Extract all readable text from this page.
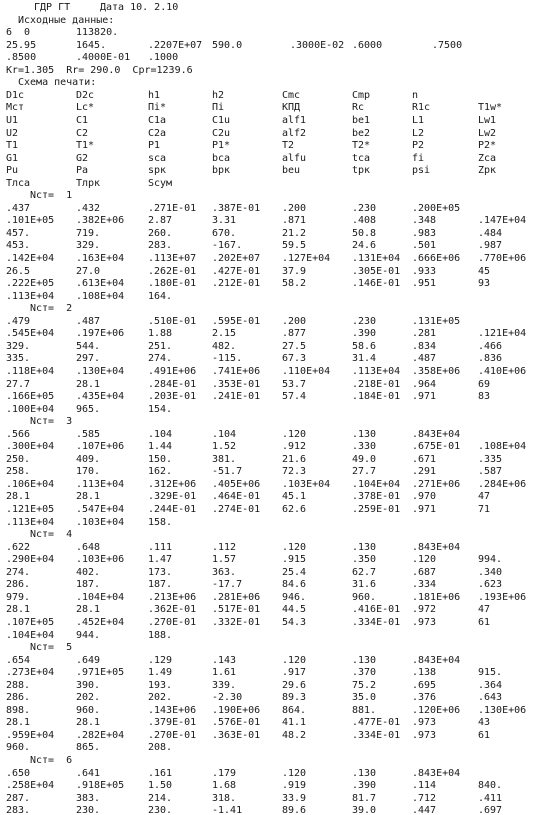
ГДР ГТ	Дата 10. 2.10
Исходные данные:
6  0	113820.
25.95	1645.	.2207E+07 590.0	.3000E-02 .6000	.7500
.8500	.4000E-01 .1000
Kr=1.305  Rr= 290.0  Cpr=1239.6
Схема печати:
D1c	D2c	h1	h2	Cmc	Cmp	n
Mст	Lc*	Пi*	Пi	КПД	Rc	R1c	T1w*
U1	C1	C1a	C1u	alf1	be1	L1	Lw1
U2	C2	C2a	C2u	alf2	be2	L2	Lw2
T1	T1*	P1	P1*	T2	T2*	P2	P2*
G1	G2	sca	bca	alfu	tca	fi	Zca
Pu	Pa	spк	bpк	beu	tpк	psi	Zpк
Tлса	Tлрк	Scум
Nст=  1
.437	.432	.271E-01 .387E-01 .200	.230	.200E+05
.101E+05 .382E+06 2.87	3.31	.871	.408	.348	.147E+04
457.	719.	260.	670.	21.2	50.8	.983	.484
453.	329.	283.	-167.	59.5	24.6	.501	.987
.142E+04 .163E+04 .113E+07 .202E+07 .127E+04 .131E+04 .666E+06 .770E+06
26.5	27.0	.262E-01 .427E-01 37.9	.305E-01 .933	45
.222E+05 .613E+04 .180E-01 .212E-01 58.2	.146E-01 .951	93
.113E+04 .108E+04 164.
Nст=  2
.479	.487	.510E-01 .595E-01 .200	.230	.131E+05
.545E+04 .197E+06 1.88	2.15	.877	.390	.281	.121E+04
329.	544.	251.	482.	27.5	58.6	.834	.466
335.	297.	274.	-115.	67.3	31.4	.487	.836
.118E+04 .130E+04 .491E+06 .741E+06 .110E+04 .113E+04 .358E+06 .410E+06
27.7	28.1	.284E-01 .353E-01 53.7	.218E-01 .964	69
.166E+05 .435E+04 .203E-01 .241E-01 57.4	.184E-01 .971	83
.100E+04 965.	154.
Nст=  3
.566	.585	.104	.104	.120	.130	.843E+04
.300E+04 .107E+06 1.44	1.52	.912	.330	.675E-01 .108E+04
250.	409.	150.	381.	21.6	49.0	.671	.335
258.	170.	162.	-51.7	72.3	27.7	.291	.587
.106E+04 .113E+04 .312E+06 .405E+06 .103E+04 .104E+04 .271E+06 .284E+06
28.1	28.1	.329E-01 .464E-01 45.1	.378E-01 .970	47
.121E+05 .547E+04 .244E-01 .274E-01 62.6	.259E-01 .971	71
.113E+04 .103E+04 158.
Nст=  4
.622	.648	.111	.112	.120	.130	.843E+04
.290E+04 .103E+06 1.47	1.57	.915	.350	.120	994.
274.	402.	173.	363.	25.4	62.7	.687	.340
286.	187.	187.	-17.7	84.6	31.6	.334	.623
979.	.104E+04 .213E+06 .281E+06 946.	960.	.181E+06 .193E+06
28.1	28.1	.362E-01 .517E-01 44.5	.416E-01 .972	47
.107E+05 .452E+04 .270E-01 .332E-01 54.3	.334E-01 .973	61
.104E+04 944.	188.
Nст=  5
.654	.649	.129	.143	.120	.130	.843E+04
.273E+04 .971E+05 1.49	1.61	.917	.370	.138	915.
288.	390.	193.	339.	29.6	75.2	.695	.364
286.	202.	202.	-2.30	89.3	35.0	.376	.643
898.	960.	.143E+06 .190E+06 864.	881.	.120E+06 .130E+06
28.1	28.1	.379E-01 .576E-01 41.1	.477E-01 .973	43
.959E+04 .282E+04 .270E-01 .363E-01 48.2	.334E-01 .973	61
960.	865.	208.
Nст=  6
.650	.641	.161	.179	.120	.130	.843E+04
.258E+04 .918E+05 1.50	1.68	.919	.390	.114	840.
287.	383.	214.	318.	33.9	81.7	.712	.411
283.	230.	230.	-1.41	89.6	39.0	.447	.697
